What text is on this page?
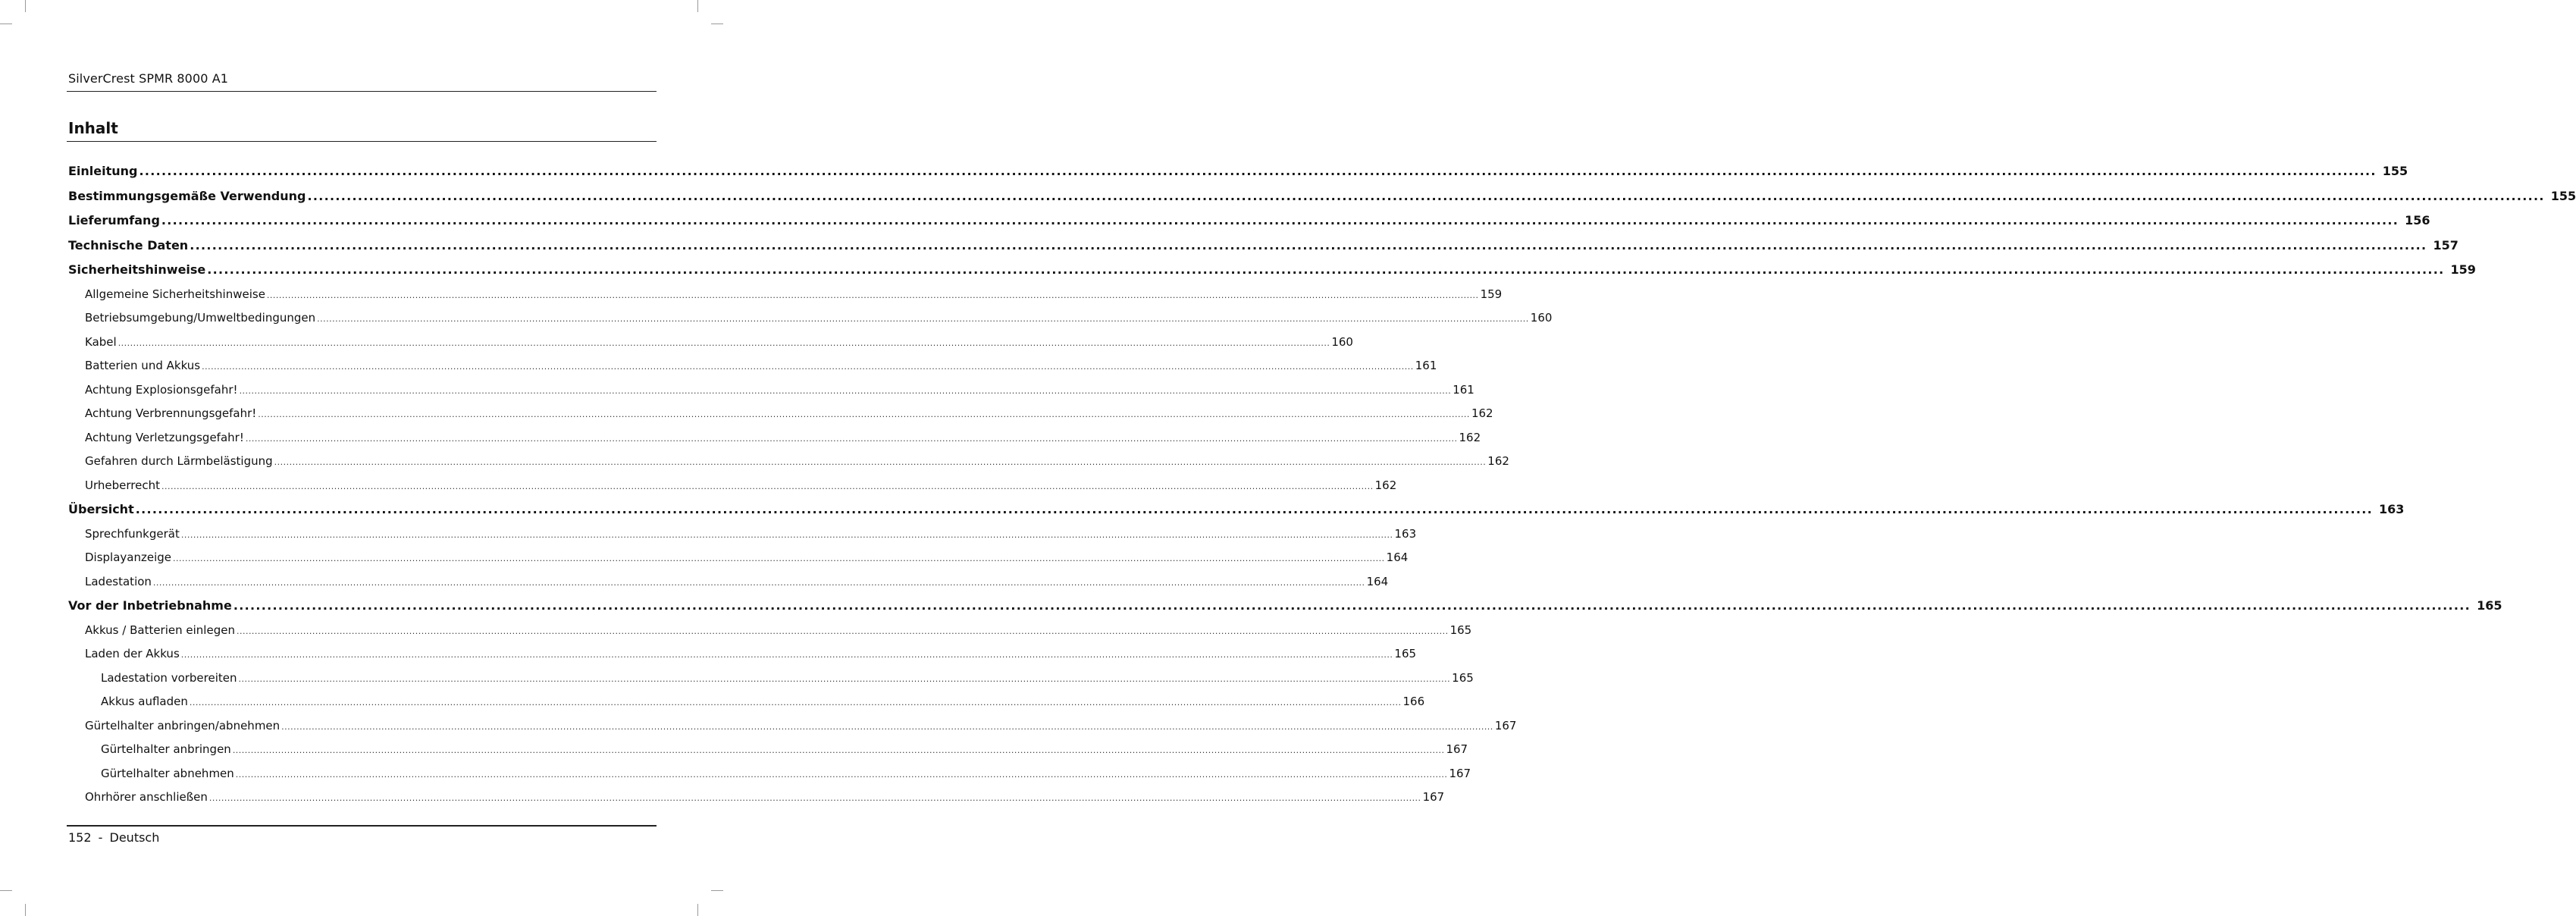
SilverCrest SPMR 8000 A1
Inhalt
Einleitung ................................................................................................................................................................................................................................................................................................................................................................................................................ 155
Bestimmungsgemäße Verwendung ................................................................................................................................................................................................................................................................................................................................................................................................................ 155
Lieferumfang ................................................................................................................................................................................................................................................................................................................................................................................................................ 156
Technische Daten ................................................................................................................................................................................................................................................................................................................................................................................................................ 157
Sicherheitshinweise ................................................................................................................................................................................................................................................................................................................................................................................................................ 159
Allgemeine Sicherheitshinweise ................................................................................................................................................................................................................................................................................................................................................................................................................ 159
Betriebsumgebung/Umweltbedingungen ................................................................................................................................................................................................................................................................................................................................................................................................................ 160
Kabel ................................................................................................................................................................................................................................................................................................................................................................................................................ 160
Batterien und Akkus ................................................................................................................................................................................................................................................................................................................................................................................................................ 161
Achtung Explosionsgefahr! ................................................................................................................................................................................................................................................................................................................................................................................................................ 161
Achtung Verbrennungsgefahr! ................................................................................................................................................................................................................................................................................................................................................................................................................ 162
Achtung Verletzungsgefahr! ................................................................................................................................................................................................................................................................................................................................................................................................................ 162
Gefahren durch Lärmbelästigung ................................................................................................................................................................................................................................................................................................................................................................................................................ 162
Urheberrecht ................................................................................................................................................................................................................................................................................................................................................................................................................ 162
Übersicht ................................................................................................................................................................................................................................................................................................................................................................................................................ 163
Sprechfunkgerät ................................................................................................................................................................................................................................................................................................................................................................................................................ 163
Displayanzeige ................................................................................................................................................................................................................................................................................................................................................................................................................ 164
Ladestation ................................................................................................................................................................................................................................................................................................................................................................................................................ 164
Vor der Inbetriebnahme ................................................................................................................................................................................................................................................................................................................................................................................................................ 165
Akkus / Batterien einlegen ................................................................................................................................................................................................................................................................................................................................................................................................................ 165
Laden der Akkus ................................................................................................................................................................................................................................................................................................................................................................................................................ 165
Ladestation vorbereiten ................................................................................................................................................................................................................................................................................................................................................................................................................ 165
Akkus aufladen ................................................................................................................................................................................................................................................................................................................................................................................................................ 166
Gürtelhalter anbringen/abnehmen ................................................................................................................................................................................................................................................................................................................................................................................................................ 167
Gürtelhalter anbringen ................................................................................................................................................................................................................................................................................................................................................................................................................ 167
Gürtelhalter abnehmen ................................................................................................................................................................................................................................................................................................................................................................................................................ 167
Ohrhörer anschließen ................................................................................................................................................................................................................................................................................................................................................................................................................ 167
152 - Deutsch
